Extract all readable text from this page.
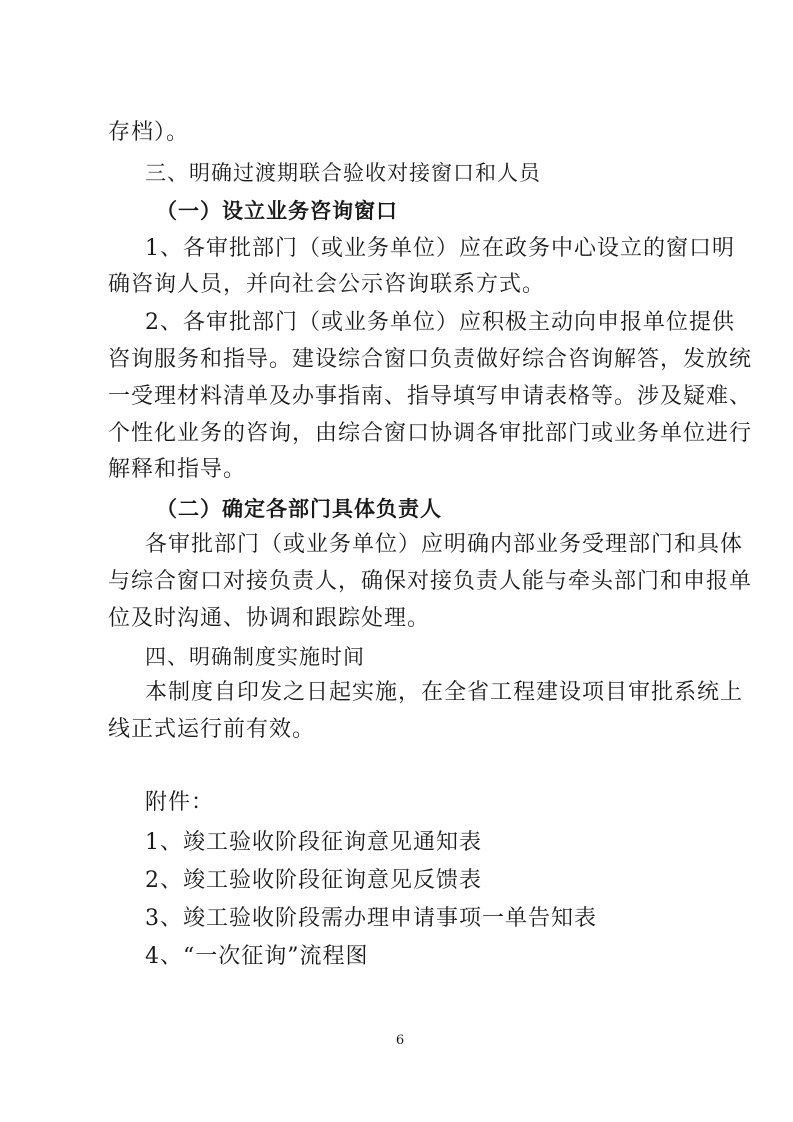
存档）。
三、明确过渡期联合验收对接窗口和人员
（一）设立业务咨询窗口
1、各审批部门（或业务单位）应在政务中心设立的窗口明
确咨询人员，并向社会公示咨询联系方式。
2、各审批部门（或业务单位）应积极主动向申报单位提供
咨询服务和指导。建设综合窗口负责做好综合咨询解答，发放统
一受理材料清单及办事指南、指导填写申请表格等。涉及疑难、
个性化业务的咨询，由综合窗口协调各审批部门或业务单位进行
解释和指导。
（二）确定各部门具体负责人
各审批部门（或业务单位）应明确内部业务受理部门和具体
与综合窗口对接负责人，确保对接负责人能与牵头部门和申报单
位及时沟通、协调和跟踪处理。
四、明确制度实施时间
本制度自印发之日起实施，在全省工程建设项目审批系统上
线正式运行前有效。
附件：
1、竣工验收阶段征询意见通知表
2、竣工验收阶段征询意见反馈表
3、竣工验收阶段需办理申请事项一单告知表
4、“一次征询”流程图
6
